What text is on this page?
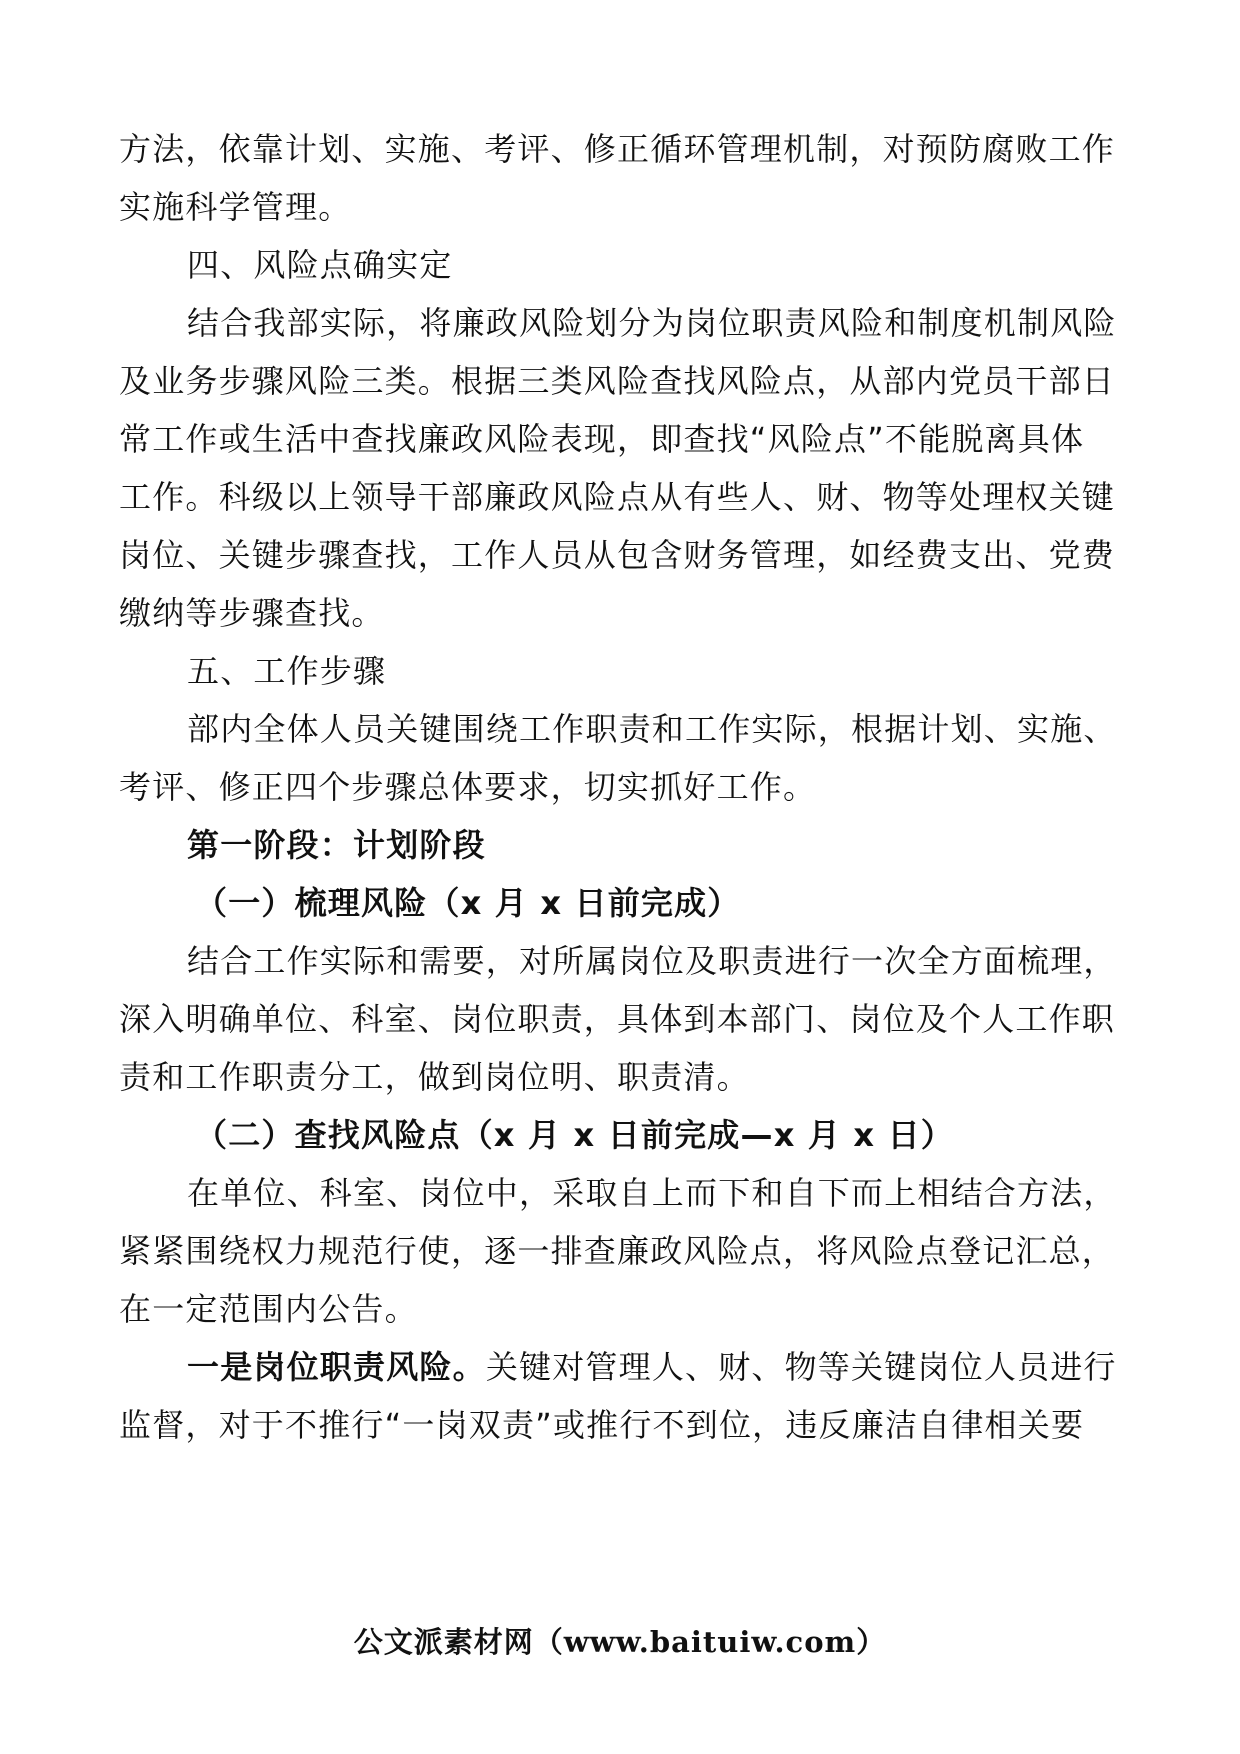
方法，依靠计划、实施、考评、修正循环管理机制，对预防腐败工作
实施科学管理。
四、风险点确实定
结合我部实际，将廉政风险划分为岗位职责风险和制度机制风险
及业务步骤风险三类。根据三类风险查找风险点，从部内党员干部日
常工作或生活中查找廉政风险表现，即查找“风险点”不能脱离具体
工作。科级以上领导干部廉政风险点从有些人、财、物等处理权关键
岗位、关键步骤查找，工作人员从包含财务管理，如经费支出、党费
缴纳等步骤查找。
五、工作步骤
部内全体人员关键围绕工作职责和工作实际，根据计划、实施、
考评、修正四个步骤总体要求，切实抓好工作。
第一阶段：计划阶段
（一）梳理风险（x 月 x 日前完成）
结合工作实际和需要，对所属岗位及职责进行一次全方面梳理，
深入明确单位、科室、岗位职责，具体到本部门、岗位及个人工作职
责和工作职责分工，做到岗位明、职责清。
（二）查找风险点（x 月 x 日前完成—x 月 x 日）
在单位、科室、岗位中，采取自上而下和自下而上相结合方法，
紧紧围绕权力规范行使，逐一排查廉政风险点，将风险点登记汇总，
在一定范围内公告。
一是岗位职责风险。关键对管理人、财、物等关键岗位人员进行
监督，对于不推行“一岗双责”或推行不到位，违反廉洁自律相关要
公文派素材网（www.baituiw.com）
